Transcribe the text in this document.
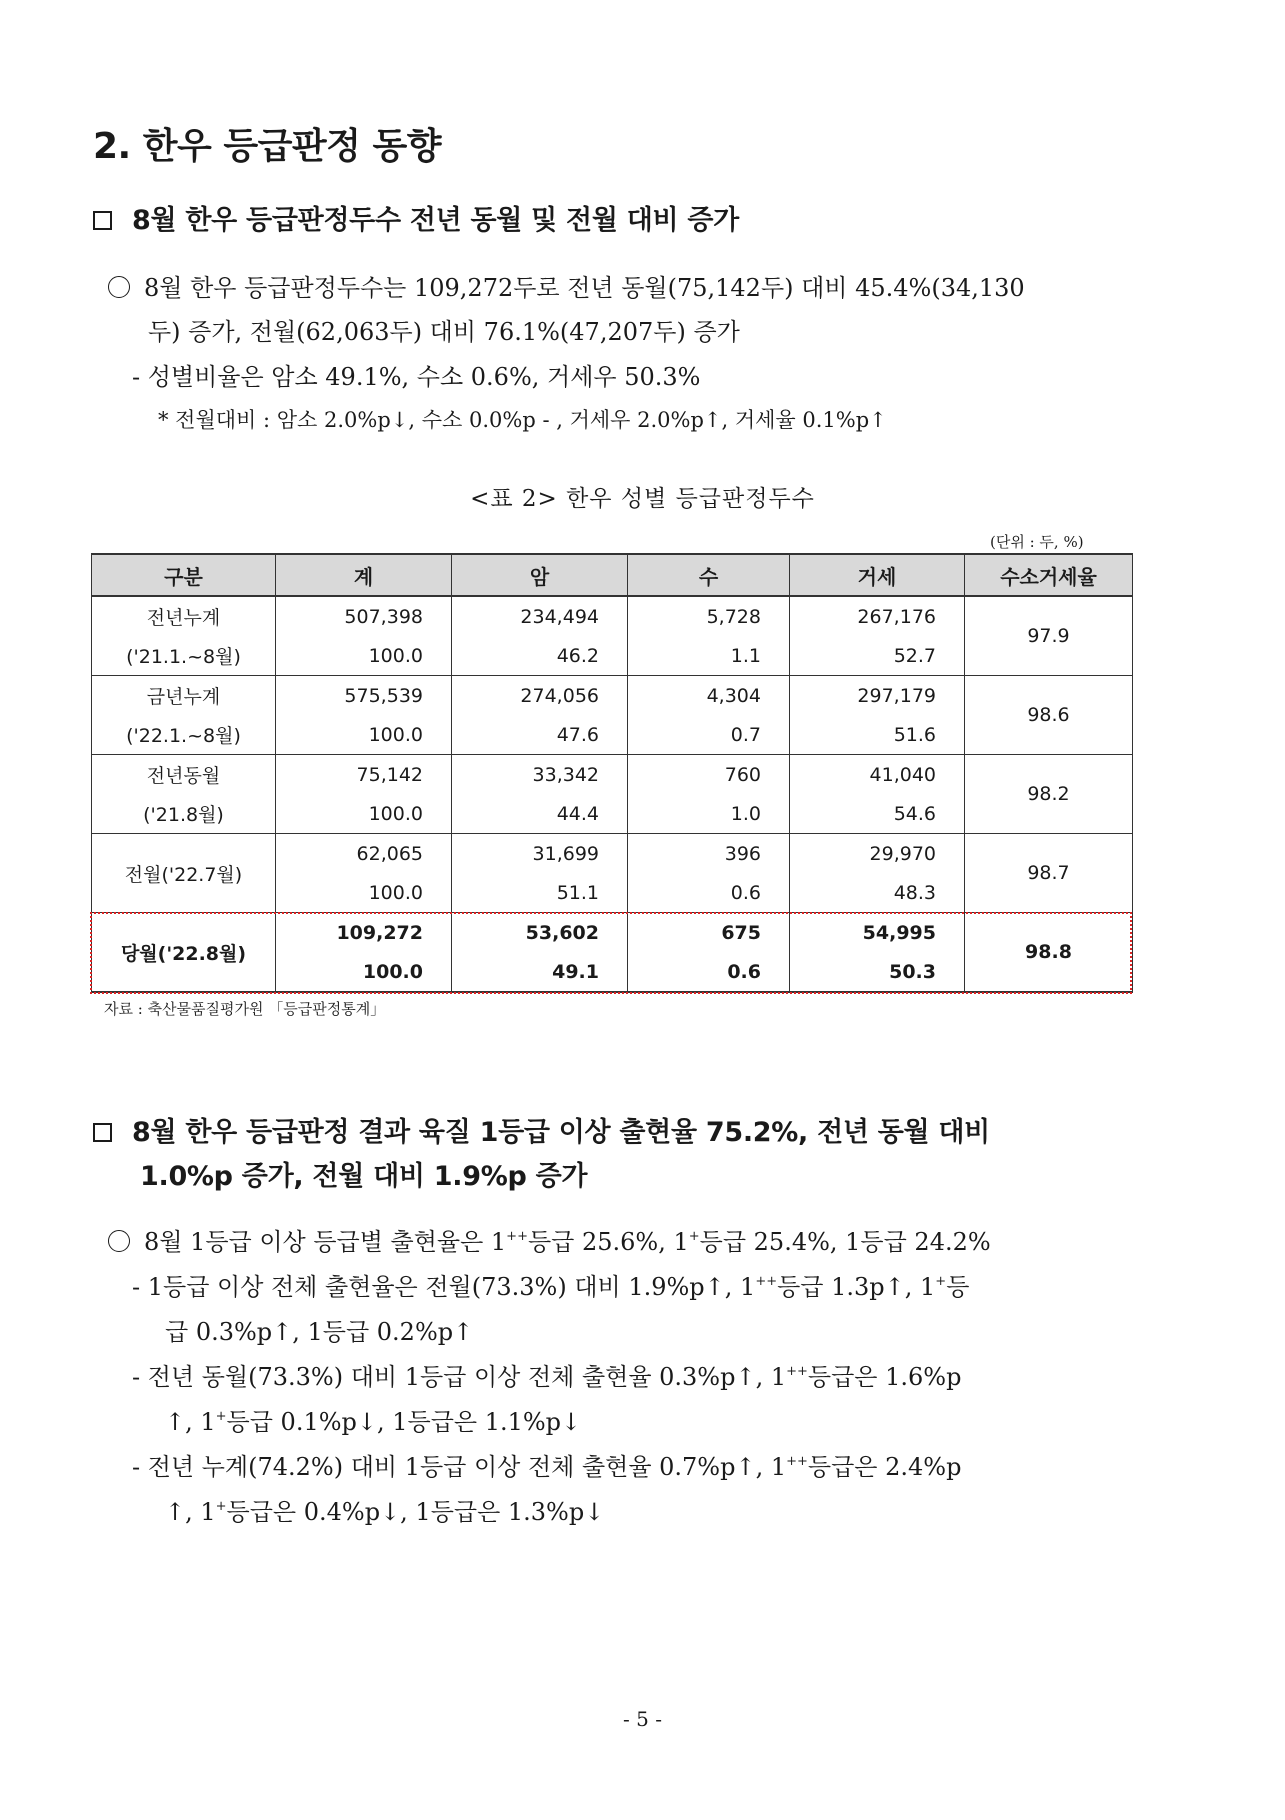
2. 한우 등급판정 동향
8월 한우 등급판정두수 전년 동월 및 전월 대비 증가
8월 한우 등급판정두수는 109,272두로 전년 동월(75,142두) 대비 45.4%(34,130
두) 증가, 전월(62,063두) 대비 76.1%(47,207두) 증가
- 성별비율은 암소 49.1%, 수소 0.6%, 거세우 50.3%
* 전월대비 : 암소 2.0%p↓, 수소 0.0%p - , 거세우 2.0%p↑, 거세율 0.1%p↑
<표 2> 한우 성별 등급판정두수
(단위 : 두, %)
구분	계	암	수	거세	수소거세율
전년누계	507,398	234,494	5,728	267,176	97.9
('21.1.~8월)	100.0	46.2	1.1	52.7	
금년누계	575,539	274,056	4,304	297,179	98.6
('22.1.~8월)	100.0	47.6	0.7	51.6	
전년동월	75,142	33,342	760	41,040	98.2
('21.8월)	100.0	44.4	1.0	54.6	
전월('22.7월)	62,065	31,699	396	29,970	98.7
	100.0	51.1	0.6	48.3	
당월('22.8월)	109,272	53,602	675	54,995	98.8
	100.0	49.1	0.6	50.3	
자료 : 축산물품질평가원 「등급판정통계」
8월 한우 등급판정 결과 육질 1등급 이상 출현율 75.2%, 전년 동월 대비
1.0%p 증가, 전월 대비 1.9%p 증가
8월 1등급 이상 등급별 출현율은 1++등급 25.6%, 1+등급 25.4%, 1등급 24.2%
- 1등급 이상 전체 출현율은 전월(73.3%) 대비 1.9%p↑, 1++등급 1.3p↑, 1+등
급 0.3%p↑, 1등급 0.2%p↑
- 전년 동월(73.3%) 대비 1등급 이상 전체 출현율 0.3%p↑, 1++등급은 1.6%p
↑, 1+등급 0.1%p↓, 1등급은 1.1%p↓
- 전년 누계(74.2%) 대비 1등급 이상 전체 출현율 0.7%p↑, 1++등급은 2.4%p
↑, 1+등급은 0.4%p↓, 1등급은 1.3%p↓
- 5 -
